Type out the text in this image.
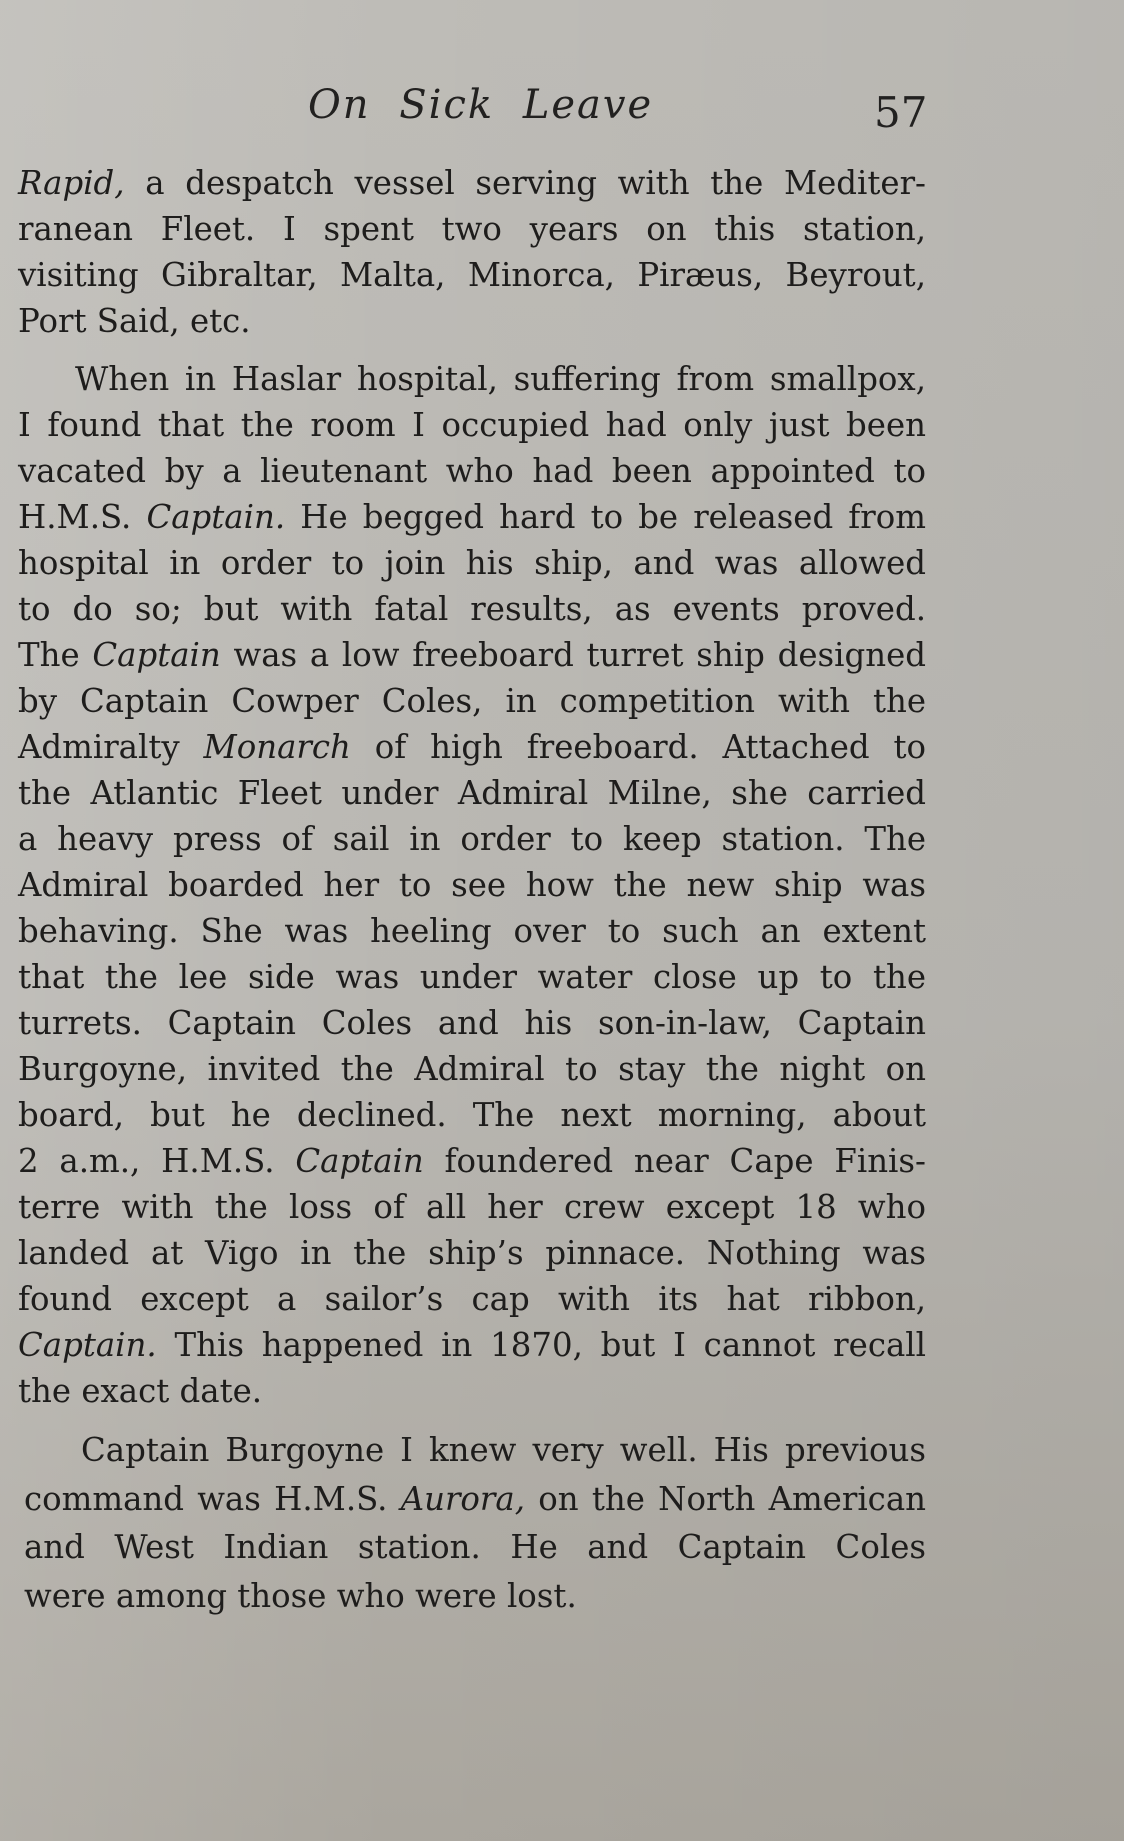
On Sick Leave	57
Rapid, a despatch vessel serving with the Mediter-
ranean Fleet. I spent two years on this station,
visiting Gibraltar, Malta, Minorca, Piræus, Beyrout,
Port Said, etc.
When in Haslar hospital, suffering from smallpox,
I found that the room I occupied had only just been
vacated by a lieutenant who had been appointed to
H.M.S. Captain. He begged hard to be released from
hospital in order to join his ship, and was allowed
to do so; but with fatal results, as events proved.
The Captain was a low freeboard turret ship designed
by Captain Cowper Coles, in competition with the
Admiralty Monarch of high freeboard. Attached to
the Atlantic Fleet under Admiral Milne, she carried
a heavy press of sail in order to keep station. The
Admiral boarded her to see how the new ship was
behaving. She was heeling over to such an extent
that the lee side was under water close up to the
turrets. Captain Coles and his son-in-law, Captain
Burgoyne, invited the Admiral to stay the night on
board, but he declined. The next morning, about
2 a.m., H.M.S. Captain foundered near Cape Finis-
terre with the loss of all her crew except 18 who
landed at Vigo in the ship’s pinnace. Nothing was
found except a sailor’s cap with its hat ribbon,
Captain. This happened in 1870, but I cannot recall
the exact date.
Captain Burgoyne I knew very well. His previous
command was H.M.S. Aurora, on the North American
and West Indian station. He and Captain Coles
were among those who were lost.
